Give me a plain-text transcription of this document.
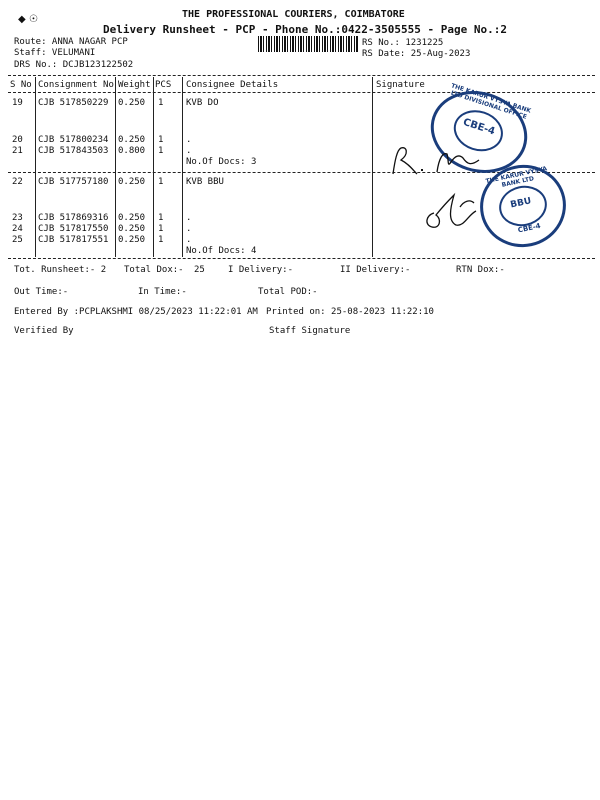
◆ ☉	THE PROFESSIONAL COURIERS, COIMBATORE
Delivery Runsheet - PCP - Phone No.:0422-3505555 - Page No.:2
Route: ANNA NAGAR PCP
Staff: VELUMANI
DRS No.: DCJB123122502
RS No.: 1231225
RS Date: 25-Aug-2023
S No Consignment No Weight PCS Consignee Details	Signature
19 CJB 517850229 0.250 1	KVB DO
20 CJB 517800234 0.250 1	.
21 CJB 517843503 0.800 1	.
No.Of Docs: 3
22 CJB 517757180 0.250 1	KVB BBU
23 CJB 517869316 0.250 1	.
24 CJB 517817550 0.250 1	.
25 CJB 517817551 0.250 1	.
No.Of Docs: 4
THE KARUR VYSYA BANK LTD DIVISIONAL OFFICE
CBE-4
THE KARUR VYSYA BANK LTD
BBU
CBE-4
Tot. Runsheet:- 2 Total Dox:- 25	I Delivery:-	II Delivery:-	RTN Dox:-
Out Time:-	In Time:-	Total POD:-
Entered By :PCPLAKSHMI 08/25/2023 11:22:01 AM Printed on: 25-08-2023 11:22:10
Verified By	Staff Signature
